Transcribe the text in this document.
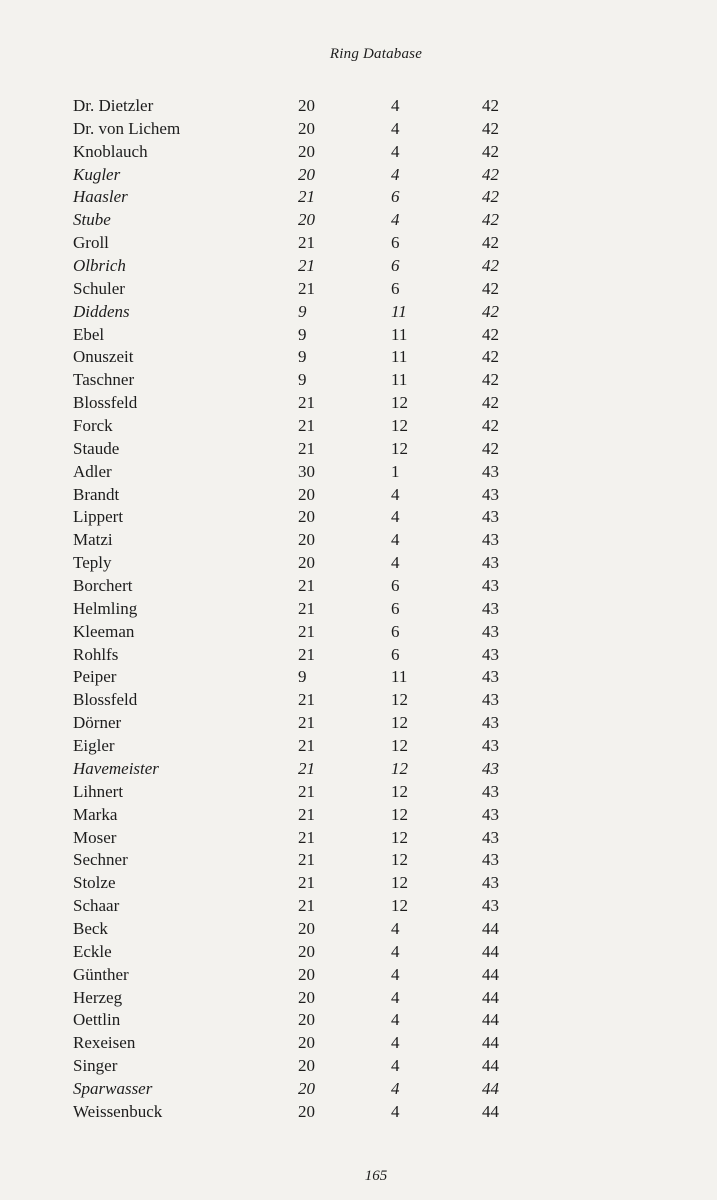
Ring Database
Dr. Dietzler	20	4	42
Dr. von Lichem	20	4	42
Knoblauch	20	4	42
Kugler	20	4	42
Haasler	21	6	42
Stube	20	4	42
Groll	21	6	42
Olbrich	21	6	42
Schuler	21	6	42
Diddens	9	11	42
Ebel	9	11	42
Onuszeit	9	11	42
Taschner	9	11	42
Blossfeld	21	12	42
Forck	21	12	42
Staude	21	12	42
Adler	30	1	43
Brandt	20	4	43
Lippert	20	4	43
Matzi	20	4	43
Teply	20	4	43
Borchert	21	6	43
Helmling	21	6	43
Kleeman	21	6	43
Rohlfs	21	6	43
Peiper	9	11	43
Blossfeld	21	12	43
Dörner	21	12	43
Eigler	21	12	43
Havemeister	21	12	43
Lihnert	21	12	43
Marka	21	12	43
Moser	21	12	43
Sechner	21	12	43
Stolze	21	12	43
Schaar	21	12	43
Beck	20	4	44
Eckle	20	4	44
Günther	20	4	44
Herzeg	20	4	44
Oettlin	20	4	44
Rexeisen	20	4	44
Singer	20	4	44
Sparwasser	20	4	44
Weissenbuck	20	4	44
165
